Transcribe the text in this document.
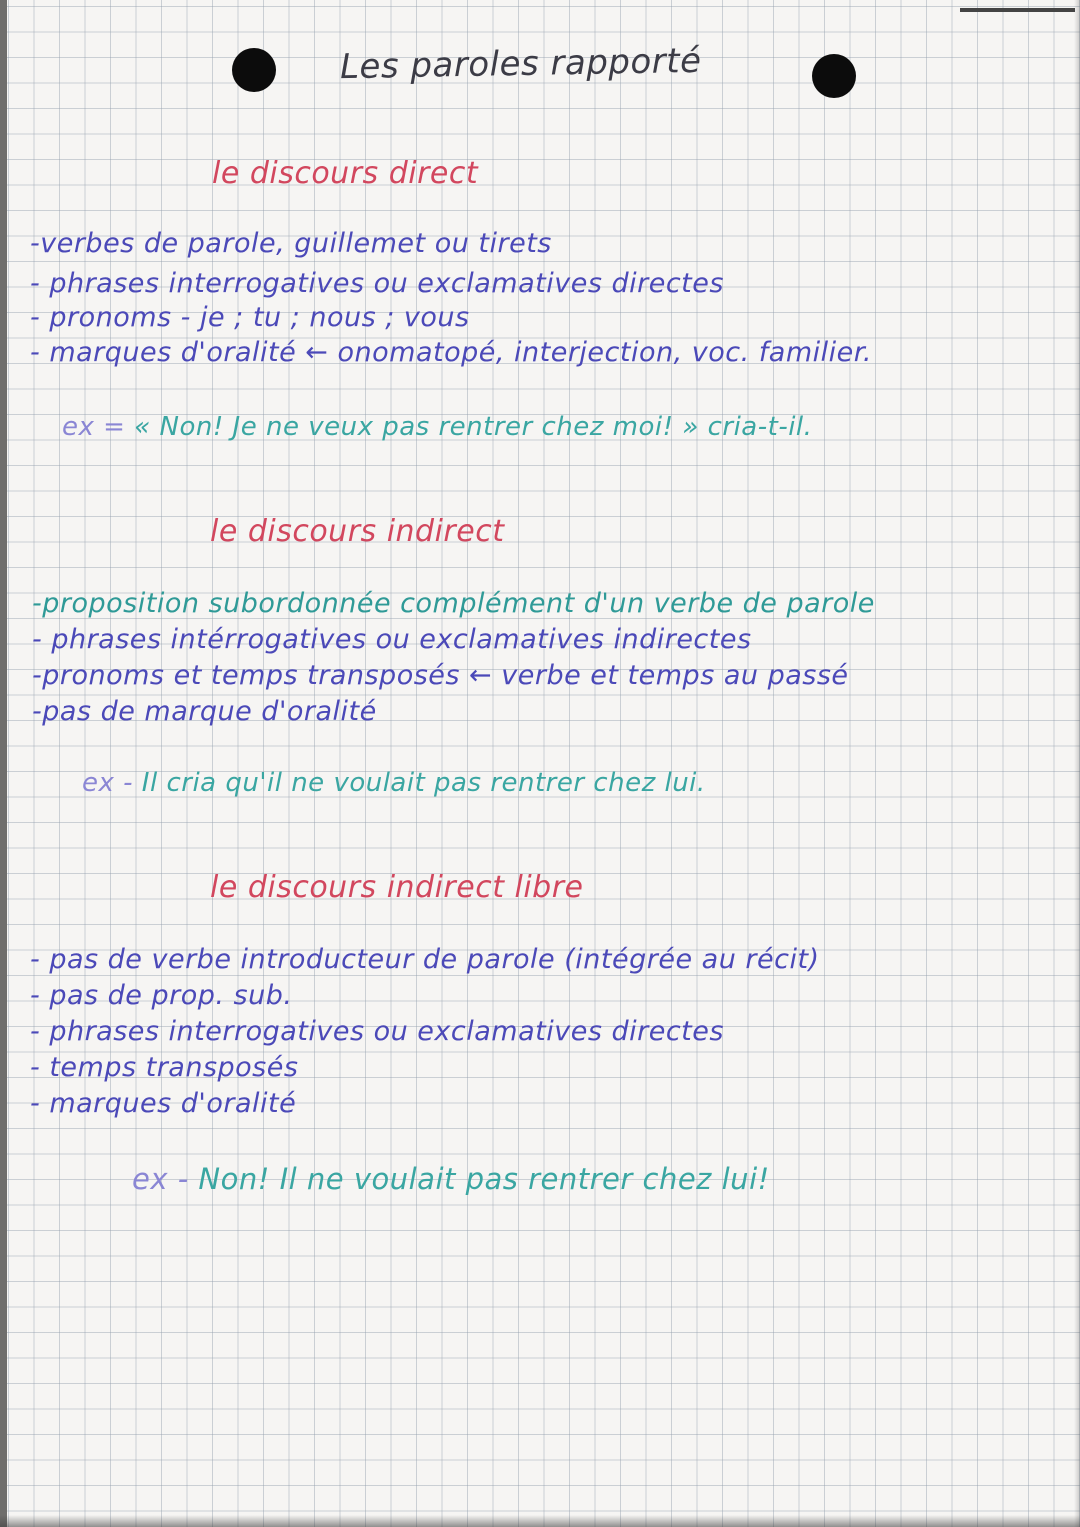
Les paroles rapporté
le discours direct
-verbes de parole, guillemet ou tirets
- phrases interrogatives ou exclamatives directes
- pronoms - je ; tu ; nous ; vous
- marques d'oralité ← onomatopé, interjection, voc. familier.
ex = « Non! Je ne veux pas rentrer chez moi! » cria-t-il.
le discours indirect
-proposition subordonnée complément d'un verbe de parole
- phrases intérrogatives ou exclamatives indirectes
-pronoms et temps transposés ← verbe et temps au passé
-pas de marque d'oralité
ex - Il cria qu'il ne voulait pas rentrer chez lui.
le discours indirect libre
- pas de verbe introducteur de parole (intégrée au récit)
- pas de prop. sub.
- phrases interrogatives ou exclamatives directes
- temps transposés
- marques d'oralité
ex - Non! Il ne voulait pas rentrer chez lui!
